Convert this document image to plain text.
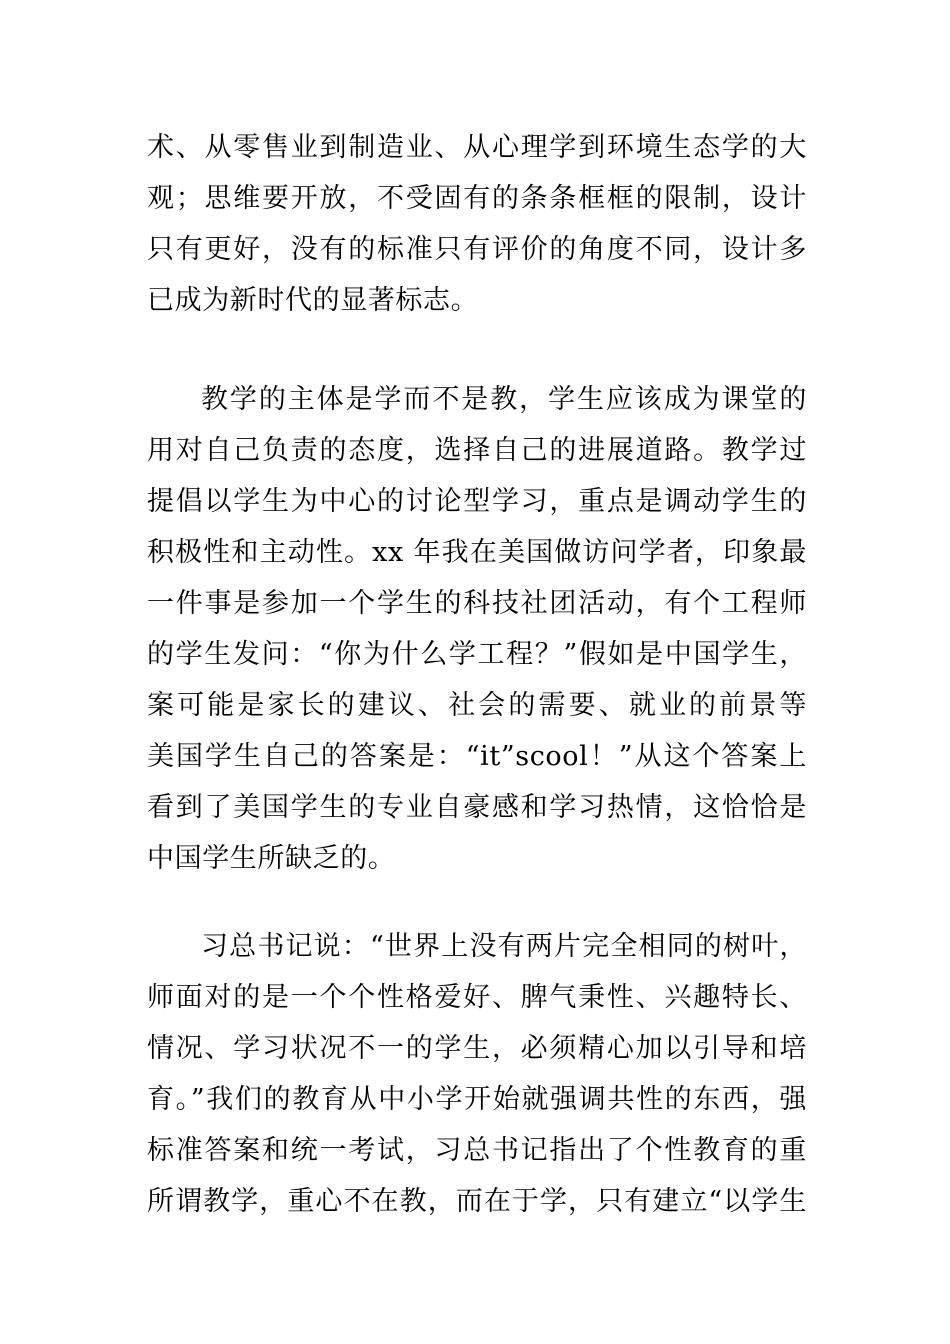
术、从零售业到制造业、从心理学到环境生态学的大
观；思维要开放，不受固有的条条框框的限制，设计
只有更好，没有的标准只有评价的角度不同，设计多
已成为新时代的显著标志。
教学的主体是学而不是教，学生应该成为课堂的
用对自己负责的态度，选择自己的进展道路。教学过
提倡以学生为中心的讨论型学习，重点是调动学生的
积极性和主动性。xx 年我在美国做访问学者，印象最
一件事是参加一个学生的科技社团活动，有个工程师
的学生发问：“你为什么学工程？”假如是中国学生，
案可能是家长的建议、社会的需要、就业的前景等
美国学生自己的答案是：“it”scool！”从这个答案上
看到了美国学生的专业自豪感和学习热情，这恰恰是
中国学生所缺乏的。
习总书记说：“世界上没有两片完全相同的树叶，
师面对的是一个个性格爱好、脾气秉性、兴趣特长、
情况、学习状况不一的学生，必须精心加以引导和培
育。”我们的教育从中小学开始就强调共性的东西，强
标准答案和统一考试，习总书记指出了个性教育的重
所谓教学，重心不在教，而在于学，只有建立“以学生
